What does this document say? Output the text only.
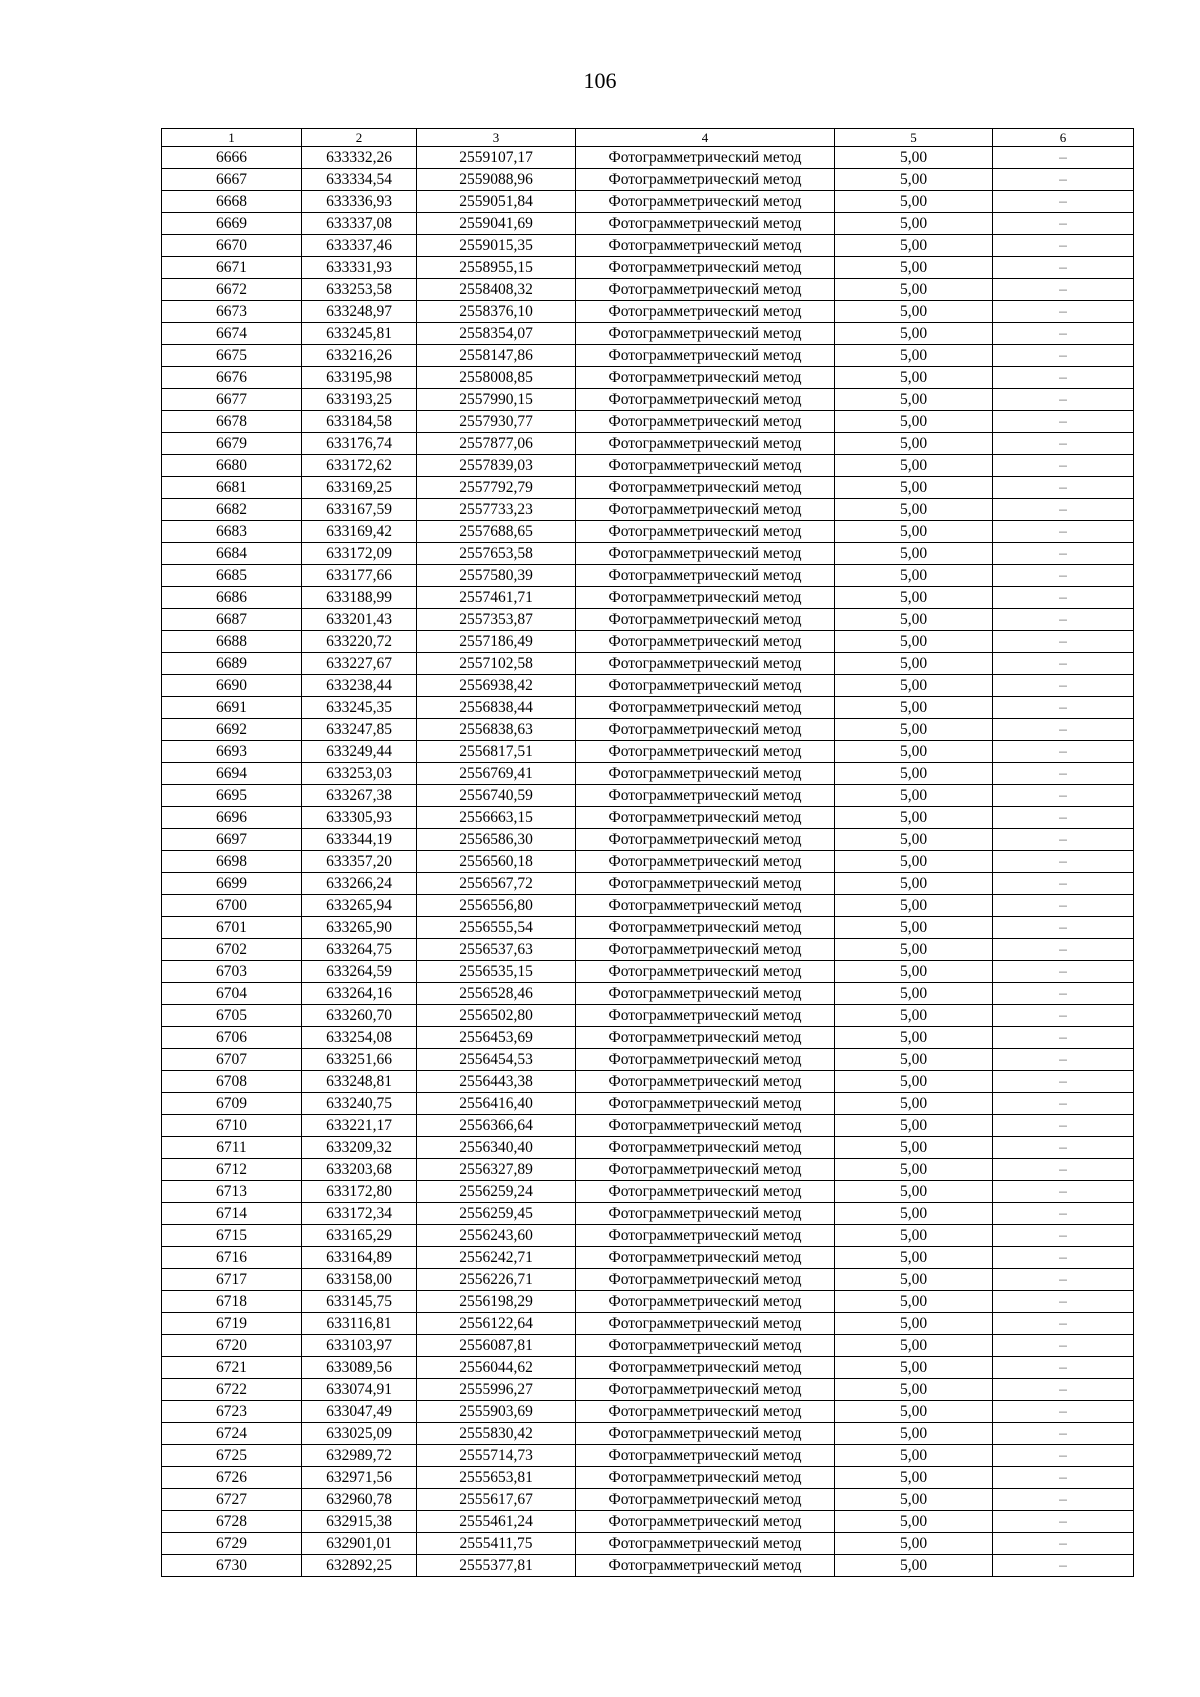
106
1	2	3	4	5	6
6666	633332,26	2559107,17	Фотограмметрический метод	5,00	–
6667	633334,54	2559088,96	Фотограмметрический метод	5,00	–
6668	633336,93	2559051,84	Фотограмметрический метод	5,00	–
6669	633337,08	2559041,69	Фотограмметрический метод	5,00	–
6670	633337,46	2559015,35	Фотограмметрический метод	5,00	–
6671	633331,93	2558955,15	Фотограмметрический метод	5,00	–
6672	633253,58	2558408,32	Фотограмметрический метод	5,00	–
6673	633248,97	2558376,10	Фотограмметрический метод	5,00	–
6674	633245,81	2558354,07	Фотограмметрический метод	5,00	–
6675	633216,26	2558147,86	Фотограмметрический метод	5,00	–
6676	633195,98	2558008,85	Фотограмметрический метод	5,00	–
6677	633193,25	2557990,15	Фотограмметрический метод	5,00	–
6678	633184,58	2557930,77	Фотограмметрический метод	5,00	–
6679	633176,74	2557877,06	Фотограмметрический метод	5,00	–
6680	633172,62	2557839,03	Фотограмметрический метод	5,00	–
6681	633169,25	2557792,79	Фотограмметрический метод	5,00	–
6682	633167,59	2557733,23	Фотограмметрический метод	5,00	–
6683	633169,42	2557688,65	Фотограмметрический метод	5,00	–
6684	633172,09	2557653,58	Фотограмметрический метод	5,00	–
6685	633177,66	2557580,39	Фотограмметрический метод	5,00	–
6686	633188,99	2557461,71	Фотограмметрический метод	5,00	–
6687	633201,43	2557353,87	Фотограмметрический метод	5,00	–
6688	633220,72	2557186,49	Фотограмметрический метод	5,00	–
6689	633227,67	2557102,58	Фотограмметрический метод	5,00	–
6690	633238,44	2556938,42	Фотограмметрический метод	5,00	–
6691	633245,35	2556838,44	Фотограмметрический метод	5,00	–
6692	633247,85	2556838,63	Фотограмметрический метод	5,00	–
6693	633249,44	2556817,51	Фотограмметрический метод	5,00	–
6694	633253,03	2556769,41	Фотограмметрический метод	5,00	–
6695	633267,38	2556740,59	Фотограмметрический метод	5,00	–
6696	633305,93	2556663,15	Фотограмметрический метод	5,00	–
6697	633344,19	2556586,30	Фотограмметрический метод	5,00	–
6698	633357,20	2556560,18	Фотограмметрический метод	5,00	–
6699	633266,24	2556567,72	Фотограмметрический метод	5,00	–
6700	633265,94	2556556,80	Фотограмметрический метод	5,00	–
6701	633265,90	2556555,54	Фотограмметрический метод	5,00	–
6702	633264,75	2556537,63	Фотограмметрический метод	5,00	–
6703	633264,59	2556535,15	Фотограмметрический метод	5,00	–
6704	633264,16	2556528,46	Фотограмметрический метод	5,00	–
6705	633260,70	2556502,80	Фотограмметрический метод	5,00	–
6706	633254,08	2556453,69	Фотограмметрический метод	5,00	–
6707	633251,66	2556454,53	Фотограмметрический метод	5,00	–
6708	633248,81	2556443,38	Фотограмметрический метод	5,00	–
6709	633240,75	2556416,40	Фотограмметрический метод	5,00	–
6710	633221,17	2556366,64	Фотограмметрический метод	5,00	–
6711	633209,32	2556340,40	Фотограмметрический метод	5,00	–
6712	633203,68	2556327,89	Фотограмметрический метод	5,00	–
6713	633172,80	2556259,24	Фотограмметрический метод	5,00	–
6714	633172,34	2556259,45	Фотограмметрический метод	5,00	–
6715	633165,29	2556243,60	Фотограмметрический метод	5,00	–
6716	633164,89	2556242,71	Фотограмметрический метод	5,00	–
6717	633158,00	2556226,71	Фотограмметрический метод	5,00	–
6718	633145,75	2556198,29	Фотограмметрический метод	5,00	–
6719	633116,81	2556122,64	Фотограмметрический метод	5,00	–
6720	633103,97	2556087,81	Фотограмметрический метод	5,00	–
6721	633089,56	2556044,62	Фотограмметрический метод	5,00	–
6722	633074,91	2555996,27	Фотограмметрический метод	5,00	–
6723	633047,49	2555903,69	Фотограмметрический метод	5,00	–
6724	633025,09	2555830,42	Фотограмметрический метод	5,00	–
6725	632989,72	2555714,73	Фотограмметрический метод	5,00	–
6726	632971,56	2555653,81	Фотограмметрический метод	5,00	–
6727	632960,78	2555617,67	Фотограмметрический метод	5,00	–
6728	632915,38	2555461,24	Фотограмметрический метод	5,00	–
6729	632901,01	2555411,75	Фотограмметрический метод	5,00	–
6730	632892,25	2555377,81	Фотограмметрический метод	5,00	–
